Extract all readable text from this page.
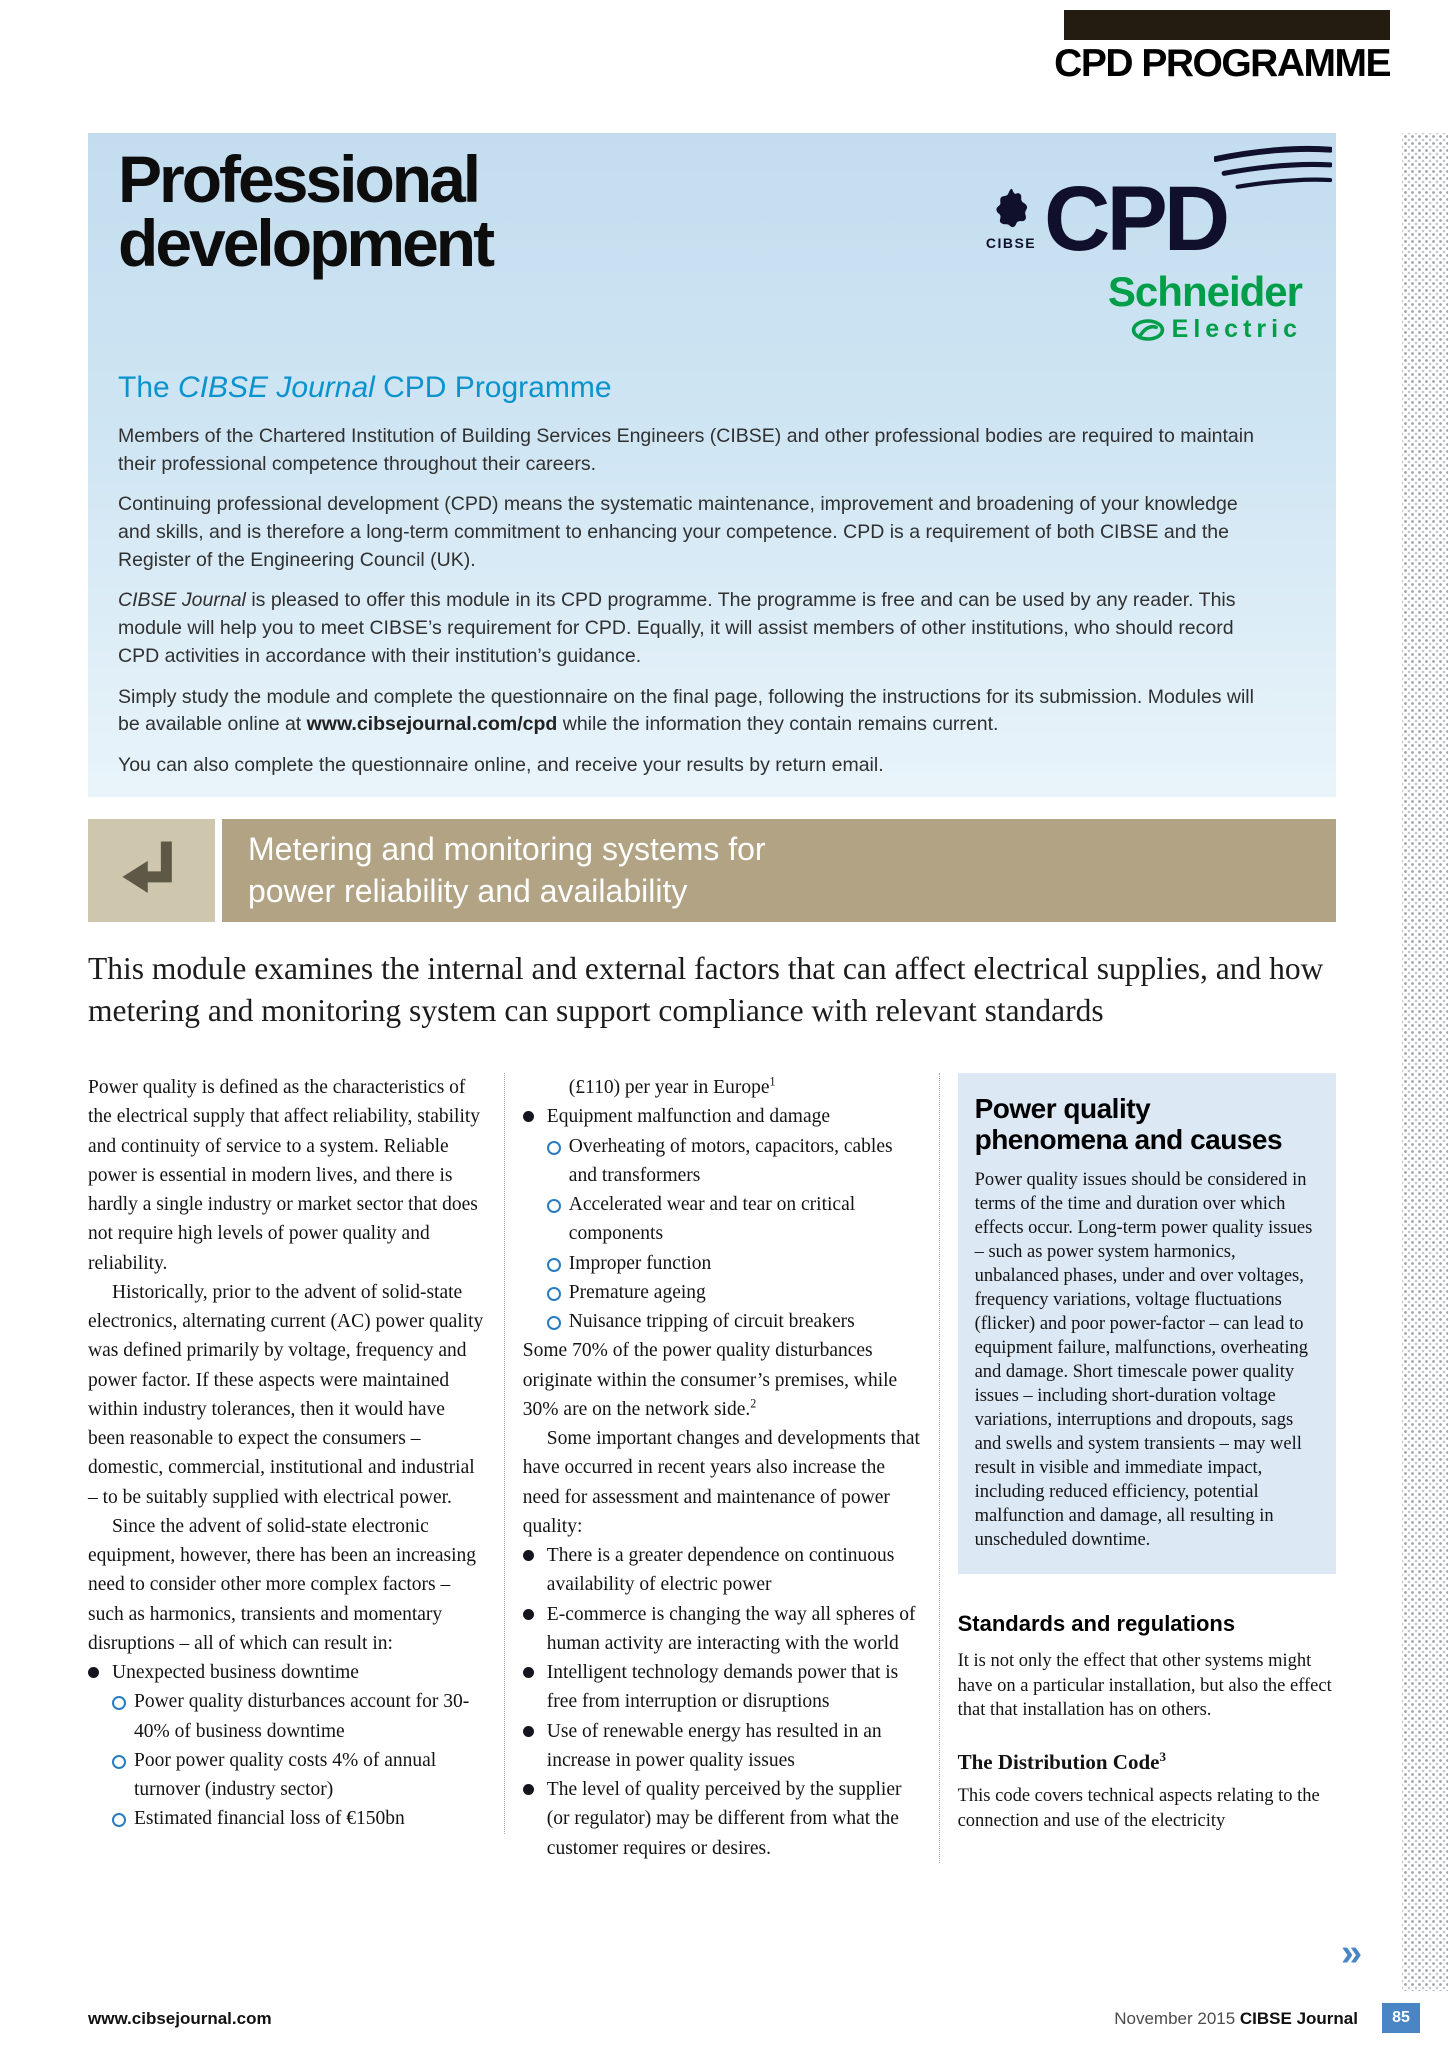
CPD PROGRAMME
Professional
development	CIBSE CPD
Schneider
Electric
The CIBSE Journal CPD Programme

Members of the Chartered Institution of Building Services Engineers (CIBSE) and other professional bodies are required to maintain their professional competence throughout their careers.

Continuing professional development (CPD) means the systematic maintenance, improvement and broadening of your knowledge and skills, and is therefore a long-term commitment to enhancing your competence. CPD is a requirement of both CIBSE and the Register of the Engineering Council (UK).

CIBSE Journal is pleased to offer this module in its CPD programme. The programme is free and can be used by any reader. This module will help you to meet CIBSE’s requirement for CPD. Equally, it will assist members of other institutions, who should record CPD activities in accordance with their institution’s guidance.

Simply study the module and complete the questionnaire on the final page, following the instructions for its submission. Modules will be available online at www.cibsejournal.com/cpd while the information they contain remains current.

You can also complete the questionnaire online, and receive your results by return email.

Metering and monitoring systems for
power reliability and availability
This module examines the internal and external factors that can affect electrical supplies, and how metering and monitoring system can support compliance with relevant standards

Power quality is defined as the characteristics of the electrical supply that affect reliability, stability and continuity of service to a system. Reliable power is essential in modern lives, and there is hardly a single industry or market sector that does not require high levels of power quality and reliability.

Historically, prior to the advent of solid-state electronics, alternating current (AC) power quality was defined primarily by voltage, frequency and power factor. If these aspects were maintained within industry tolerances, then it would have been reasonable to expect the consumers – domestic, commercial, institutional and industrial – to be suitably supplied with electrical power.

Since the advent of solid-state electronic equipment, however, there has been an increasing need to consider other more complex factors – such as harmonics, transients and momentary disruptions – all of which can result in:

Unexpected business downtime
Power quality disturbances account for 30-40% of business downtime
Poor power quality costs 4% of annual turnover (industry sector)
Estimated financial loss of €150bn

(£110) per year in Europe$^1$

Equipment malfunction and damage
Overheating of motors, capacitors, cables and transformers
Accelerated wear and tear on critical components
Improper function
Premature ageing
Nuisance tripping of circuit breakers

Some 70% of the power quality disturbances originate within the consumer’s premises, while 30% are on the network side.$^2$

Some important changes and developments that have occurred in recent years also increase the need for assessment and maintenance of power quality:

There is a greater dependence on continuous availability of electric power
E-commerce is changing the way all spheres of human activity are interacting with the world
Intelligent technology demands power that is free from interruption or disruptions
Use of renewable energy has resulted in an increase in power quality issues
The level of quality perceived by the supplier (or regulator) may be different from what the customer requires or desires.
Power quality
phenomena and causes

Power quality issues should be considered in terms of the time and duration over which effects occur. Long-term power quality issues – such as power system harmonics, unbalanced phases, under and over voltages, frequency variations, voltage fluctuations (flicker) and poor power-factor – can lead to equipment failure, malfunctions, overheating and damage. Short timescale power quality issues – including short-duration voltage variations, interruptions and dropouts, sags and swells and system transients – may well result in visible and immediate impact, including reduced efficiency, potential malfunction and damage, all resulting in unscheduled downtime.

Standards and regulations

It is not only the effect that other systems might have on a particular installation, but also the effect that that installation has on others.

The Distribution Code$^3$

This code covers technical aspects relating to the connection and use of the electricity

»
www.cibsejournal.com	November 2015 CIBSE Journal	85
